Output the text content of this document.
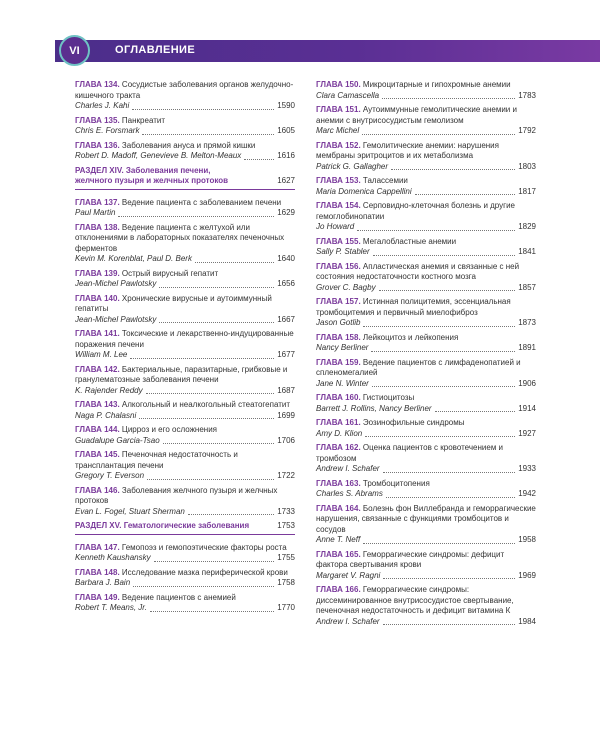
VI	ОГЛАВЛЕНИЕ
ГЛАВА 134. Сосудистые заболевания органов желудочно-кишечного тракта
Charles J. Kahi	1590
ГЛАВА 135. Панкреатит
Chris E. Forsmark	1605
ГЛАВА 136. Заболевания ануса и прямой кишки
Robert D. Madoff, Genevieve B. Melton-Meaux	1616
РАЗДЕЛ XIV. Заболевания печени,
желчного пузыря и желчных протоков	1627
ГЛАВА 137. Ведение пациента с заболеванием печени
Paul Martin	1629
ГЛАВА 138. Ведение пациента с желтухой или отклонениями в лабораторных показателях печеночных ферментов
Kevin M. Korenblat, Paul D. Berk	1640
ГЛАВА 139. Острый вирусный гепатит
Jean-Michel Pawlotsky	1656
ГЛАВА 140. Хронические вирусные и аутоиммунный гепатиты
Jean-Michel Pawlotsky	1667
ГЛАВА 141. Токсические и лекарственно-индуцированные поражения печени
William M. Lee	1677
ГЛАВА 142. Бактериальные, паразитарные, грибковые и гранулематозные заболевания печени
K. Rajender Reddy	1687
ГЛАВА 143. Алкогольный и неалкогольный стеатогепатит
Naga P. Chalasni	1699
ГЛАВА 144. Цирроз и его осложнения
Guadalupe Garcia-Tsao	1706
ГЛАВА 145. Печеночная недостаточность и трансплантация печени
Gregory T. Everson	1722
ГЛАВА 146. Заболевания желчного пузыря и желчных протоков
Evan L. Fogel, Stuart Sherman	1733
РАЗДЕЛ XV. Гематологические заболевания	1753
ГЛАВА 147. Гемопоэз и гемопоэтические факторы роста
Kenneth Kaushansky	1755
ГЛАВА 148. Исследование мазка периферической крови
Barbara J. Bain	1758
ГЛАВА 149. Ведение пациентов с анемией
Robert T. Means, Jr.	1770
ГЛАВА 150. Микроцитарные и гипохромные анемии
Clara Camascella	1783
ГЛАВА 151. Аутоиммунные гемолитические анемии и анемии с внутрисосудистым гемолизом
Marc Michel	1792
ГЛАВА 152. Гемолитические анемии: нарушения мембраны эритроцитов и их метаболизма
Patrick G. Gallagher	1803
ГЛАВА 153. Талассемии
Maria Domenica Cappellini	1817
ГЛАВА 154. Серповидно-клеточная болезнь и другие гемоглобинопатии
Jo Howard	1829
ГЛАВА 155. Мегалобластные анемии
Sally P. Stabler	1841
ГЛАВА 156. Апластическая анемия и связанные с ней состояния недостаточности костного мозга
Grover C. Bagby	1857
ГЛАВА 157. Истинная полицитемия, эссенциальная тромбоцитемия и первичный миелофиброз
Jason Gotlib	1873
ГЛАВА 158. Лейкоцитоз и лейкопения
Nancy Berliner	1891
ГЛАВА 159. Ведение пациентов с лимфаденопатией и спленомегалией
Jane N. Winter	1906
ГЛАВА 160. Гистиоцитозы
Barrett J. Rollins, Nancy Berliner	1914
ГЛАВА 161. Эозинофильные синдромы
Amy D. Klion	1927
ГЛАВА 162. Оценка пациентов с кровотечением и тромбозом
Andrew I. Schafer	1933
ГЛАВА 163. Тромбоцитопения
Charles S. Abrams	1942
ГЛАВА 164. Болезнь фон Виллебранда и геморрагические нарушения, связанные с функциями тромбоцитов и сосудов
Anne T. Neff	1958
ГЛАВА 165. Геморрагические синдромы: дефицит фактора свертывания крови
Margaret V. Ragni	1969
ГЛАВА 166. Геморрагические синдромы: диссеминированное внутрисосудистое свертывание, печеночная недостаточность и дефицит витамина К
Andrew I. Schafer	1984
